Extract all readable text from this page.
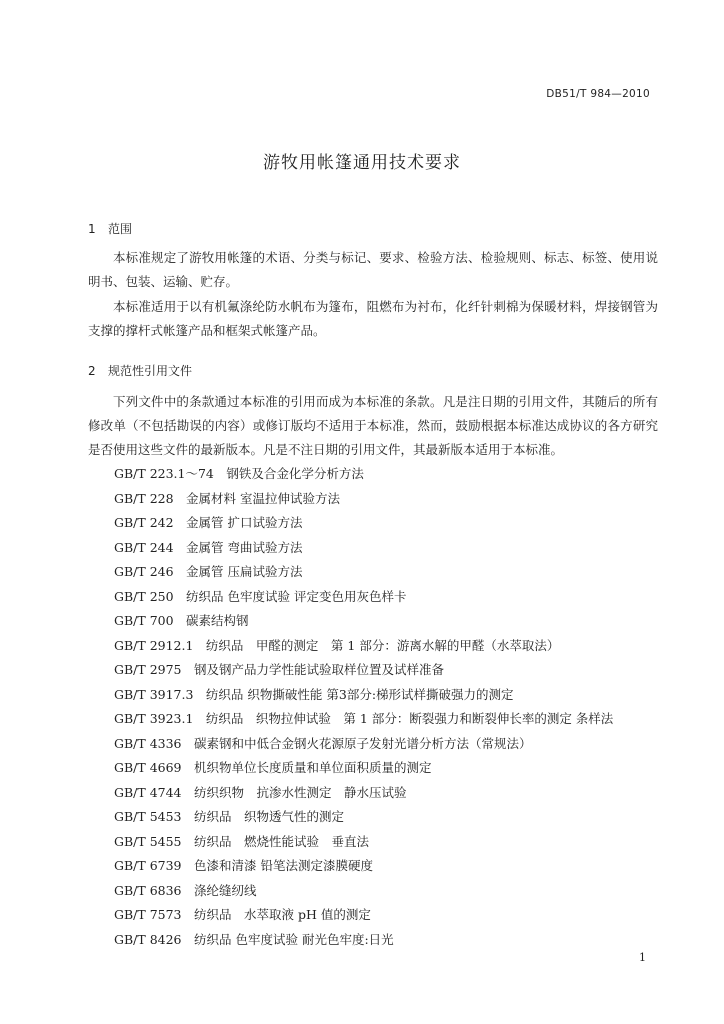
DB51/T 984—2010
游牧用帐篷通用技术要求
1 范围

本标准规定了游牧用帐篷的术语、分类与标记、要求、检验方法、检验规则、标志、标签、使用说明书、包装、运输、贮存。

本标准适用于以有机氟涤纶防水帆布为篷布，阻燃布为衬布，化纤针刺棉为保暖材料，焊接钢管为支撑的撑杆式帐篷产品和框架式帐篷产品。

2 规范性引用文件

下列文件中的条款通过本标准的引用而成为本标准的条款。凡是注日期的引用文件，其随后的所有修改单（不包括勘误的内容）或修订版均不适用于本标准，然而，鼓励根据本标准达成协议的各方研究是否使用这些文件的最新版本。凡是不注日期的引用文件，其最新版本适用于本标准。

GB/T 223.1～74　钢铁及合金化学分析方法
GB/T 228　金属材料 室温拉伸试验方法
GB/T 242　金属管 扩口试验方法
GB/T 244　金属管 弯曲试验方法
GB/T 246　金属管 压扁试验方法
GB/T 250　纺织品 色牢度试验 评定变色用灰色样卡
GB/T 700　碳素结构钢
GB/T 2912.1　纺织品　甲醛的测定　第 1 部分：游离水解的甲醛（水萃取法）
GB/T 2975　钢及钢产品力学性能试验取样位置及试样准备
GB/T 3917.3　纺织品 织物撕破性能 第3部分:梯形试样撕破强力的测定
GB/T 3923.1　纺织品　织物拉伸试验　第 1 部分：断裂强力和断裂伸长率的测定 条样法
GB/T 4336　碳素钢和中低合金钢火花源原子发射光谱分析方法（常规法）
GB/T 4669　机织物单位长度质量和单位面积质量的测定
GB/T 4744　纺织织物　抗渗水性测定　静水压试验
GB/T 5453　纺织品　织物透气性的测定
GB/T 5455　纺织品　燃烧性能试验　垂直法
GB/T 6739　色漆和清漆 铅笔法测定漆膜硬度
GB/T 6836　涤纶缝纫线
GB/T 7573　纺织品　水萃取液 pH 值的测定
GB/T 8426　纺织品 色牢度试验 耐光色牢度:日光
1
